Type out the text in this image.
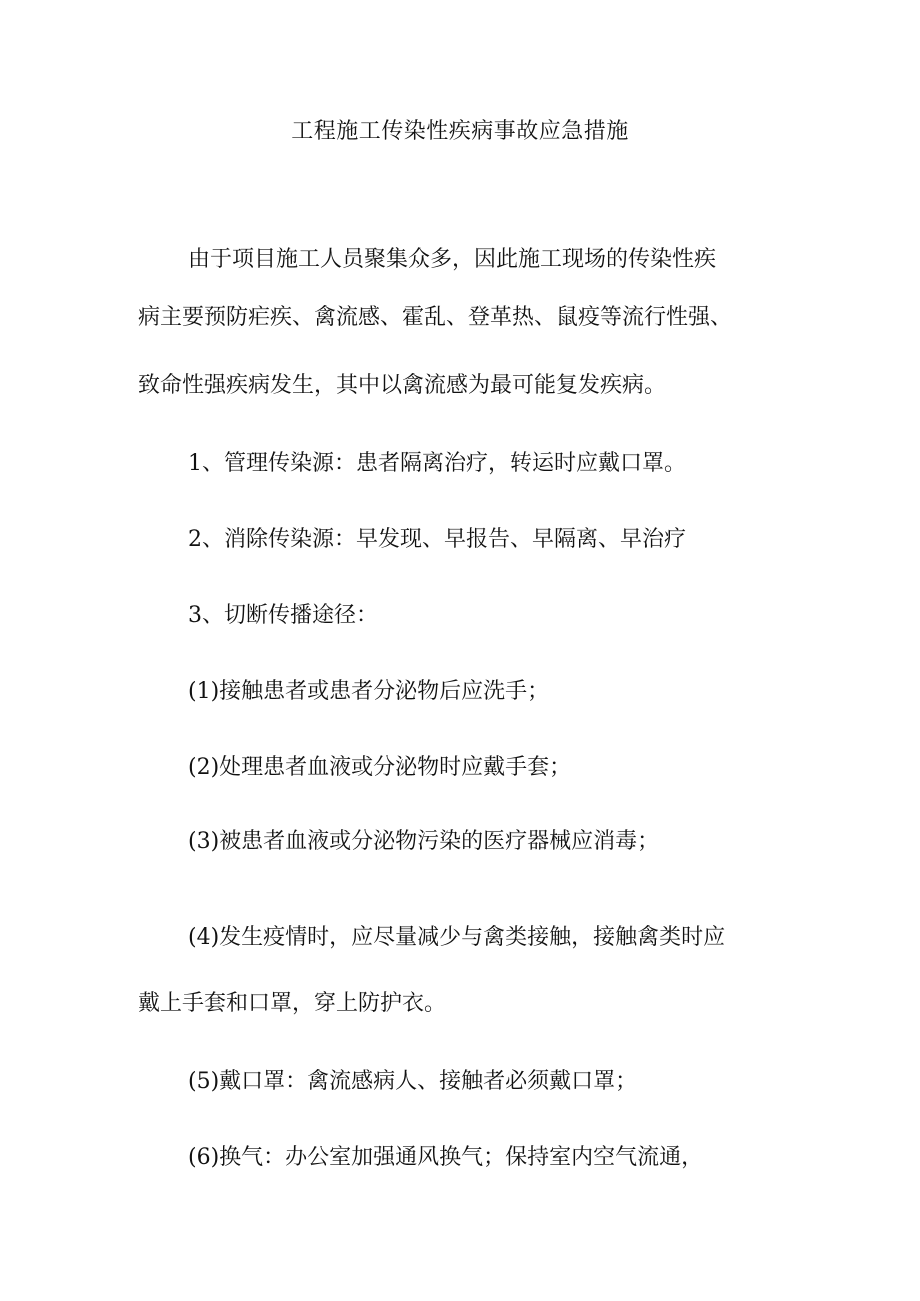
工程施工传染性疾病事故应急措施
由于项目施工人员聚集众多，因此施工现场的传染性疾
病主要预防疟疾、禽流感、霍乱、登革热、鼠疫等流行性强、
致命性强疾病发生，其中以禽流感为最可能复发疾病。
1、管理传染源：患者隔离治疗，转运时应戴口罩。
2、消除传染源：早发现、早报告、早隔离、早治疗
3、切断传播途径：
(1)接触患者或患者分泌物后应洗手；
(2)处理患者血液或分泌物时应戴手套；
(3)被患者血液或分泌物污染的医疗器械应消毒；
(4)发生疫情时，应尽量减少与禽类接触，接触禽类时应
戴上手套和口罩，穿上防护衣。
(5)戴口罩：禽流感病人、接触者必须戴口罩；
(6)换气：办公室加强通风换气；保持室内空气流通，
